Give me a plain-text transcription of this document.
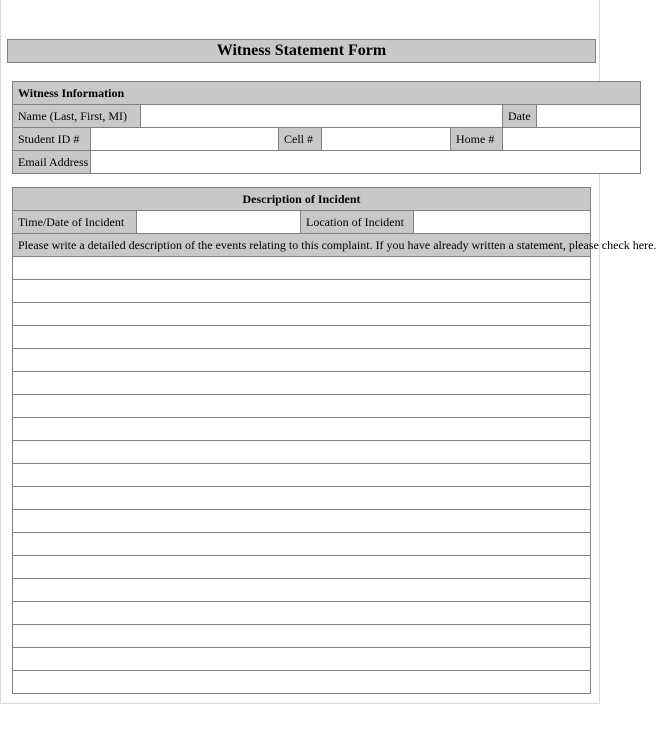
Witness Statement Form
Witness Information							
Name (Last, First, MI)						Date	
Student ID #			Cell #		Home #		
Email Address							
Description of Incident
Time/Date of Incident		Location of Incident	
Please write a detailed description of the events relating to this complaint. If you have already written a statement, please check here.
